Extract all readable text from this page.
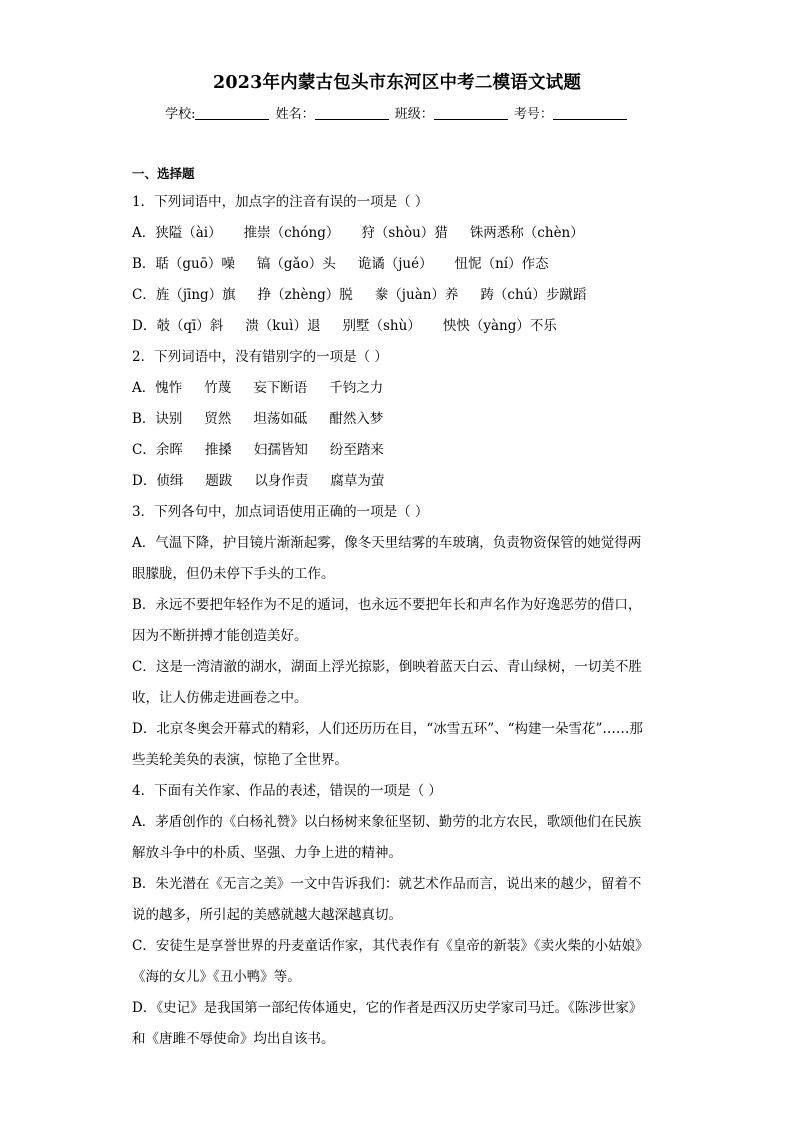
2023年内蒙古包头市东河区中考二模语文试题
学校:	姓名：	班级：	考号：
一、选择题

1．下列词语中，加点字的注音有误的一项是（ ）

A．狭隘（ài） 推崇（chóng） 狩（shòu）猎 铢两悉称（chèn）

B．聒（guō）噪 镐（gǎo）头 诡谲（jué） 忸怩（ní）作态

C．旌（jīng）旗 挣（zhèng）脱 豢（juàn）养 踌（chú）步蹴蹈

D．攲（qī）斜 溃（kuì）退 别墅（shù） 怏怏（yàng）不乐

2．下列词语中，没有错别字的一项是（ ）

A．愧怍 竹蔑 妄下断语 千钧之力

B．诀别 贸然 坦荡如砥 酣然入梦

C．余晖 推搡 妇孺皆知 纷至踏来

D．侦缉 题跋 以身作责 腐草为萤

3．下列各句中，加点词语使用正确的一项是（ ）

A．气温下降，护目镜片渐渐起雾，像冬天里结雾的车玻璃，负责物资保管的她觉得两

眼朦胧，但仍未停下手头的工作。

B．永远不要把年轻作为不足的遁词，也永远不要把年长和声名作为好逸恶劳的借口，

因为不断拼搏才能创造美好。

C．这是一湾清澈的湖水，湖面上浮光掠影，倒映着蓝天白云、青山绿树，一切美不胜

收，让人仿佛走进画卷之中。

D．北京冬奥会开幕式的精彩，人们还历历在目，“冰雪五环”、“构建一朵雪花”……那

些美轮美奂的表演，惊艳了全世界。

4．下面有关作家、作品的表述，错误的一项是（ ）

A．茅盾创作的《白杨礼赞》以白杨树来象征坚韧、勤劳的北方农民，歌颂他们在民族

解放斗争中的朴质、坚强、力争上进的精神。

B．朱光潜在《无言之美》一文中告诉我们：就艺术作品而言，说出来的越少，留着不

说的越多，所引起的美感就越大越深越真切。

C．安徒生是享誉世界的丹麦童话作家，其代表作有《皇帝的新装》《卖火柴的小姑娘》

《海的女儿》《丑小鸭》等。

D．《史记》是我国第一部纪传体通史，它的作者是西汉历史学家司马迁。《陈涉世家》

和《唐雎不辱使命》均出自该书。
